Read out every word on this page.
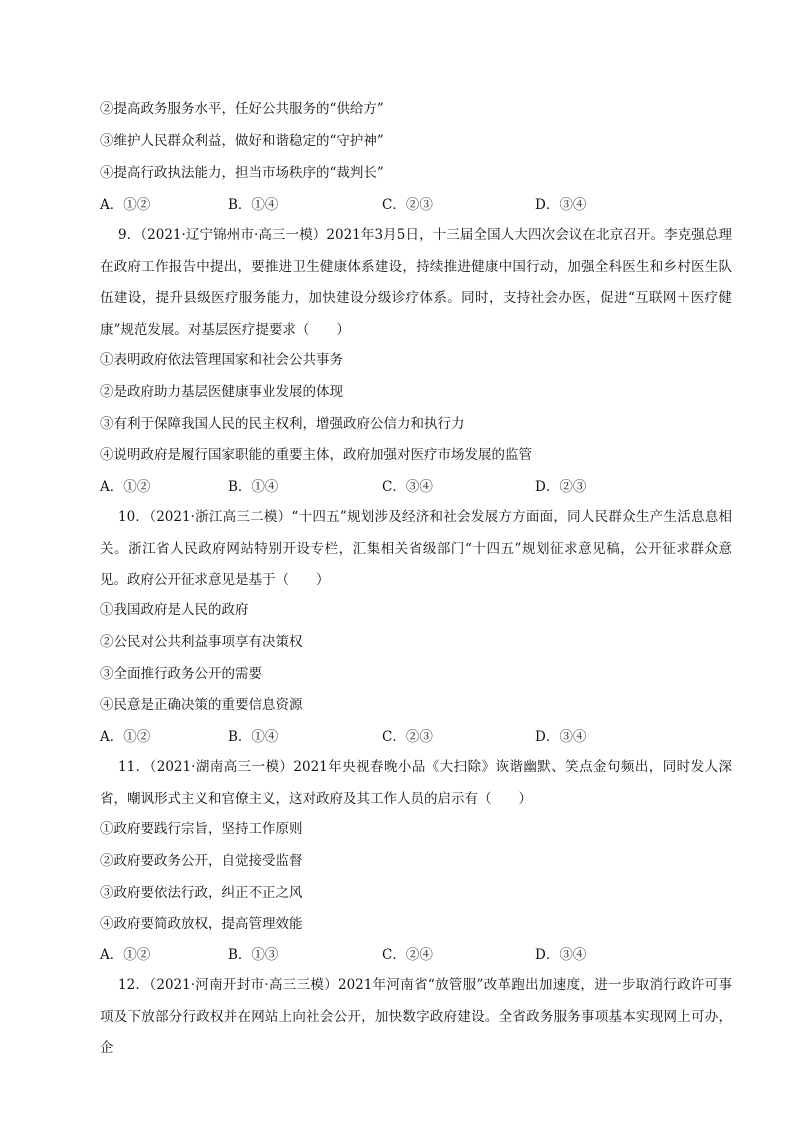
②提高政务服务水平，任好公共服务的“供给方”
③维护人民群众利益，做好和谐稳定的“守护神”
④提高行政执法能力，担当市场秩序的“裁判长”
A．①②	B．①④	C．②③	D．③④
9．（2021·辽宁锦州市·高三一模）2021年3月5日，十三届全国人大四次会议在北京召开。李克强总理在政府工作报告中提出，要推进卫生健康体系建设，持续推进健康中国行动，加强全科医生和乡村医生队伍建设，提升县级医疗服务能力，加快建设分级诊疗体系。同时，支持社会办医，促进“互联网＋医疗健康”规范发展。对基层医疗提要求（　　）
①表明政府依法管理国家和社会公共事务
②是政府助力基层医健康事业发展的体现
③有利于保障我国人民的民主权利，增强政府公信力和执行力
④说明政府是履行国家职能的重要主体，政府加强对医疗市场发展的监管
A．①②	B．①④	C．③④	D．②③
10．（2021·浙江高三二模）“十四五”规划涉及经济和社会发展方方面面，同人民群众生产生活息息相关。浙江省人民政府网站特别开设专栏，汇集相关省级部门“十四五”规划征求意见稿，公开征求群众意见。政府公开征求意见是基于（　　）
①我国政府是人民的政府
②公民对公共利益事项享有决策权
③全面推行政务公开的需要
④民意是正确决策的重要信息资源
A．①②	B．①④	C．②③	D．③④
11．（2021·湖南高三一模）2021年央视春晚小品《大扫除》诙谐幽默、笑点金句频出，同时发人深省，嘲讽形式主义和官僚主义，这对政府及其工作人员的启示有（　　）
①政府要践行宗旨，坚持工作原则
②政府要政务公开，自觉接受监督
③政府要依法行政，纠正不正之风
④政府要简政放权，提高管理效能
A．①②	B．①③	C．②④	D．③④
12．（2021·河南开封市·高三三模）2021年河南省“放管服”改革跑出加速度，进一步取消行政许可事项及下放部分行政权并在网站上向社会公开，加快数字政府建设。全省政务服务事项基本实现网上可办，企
